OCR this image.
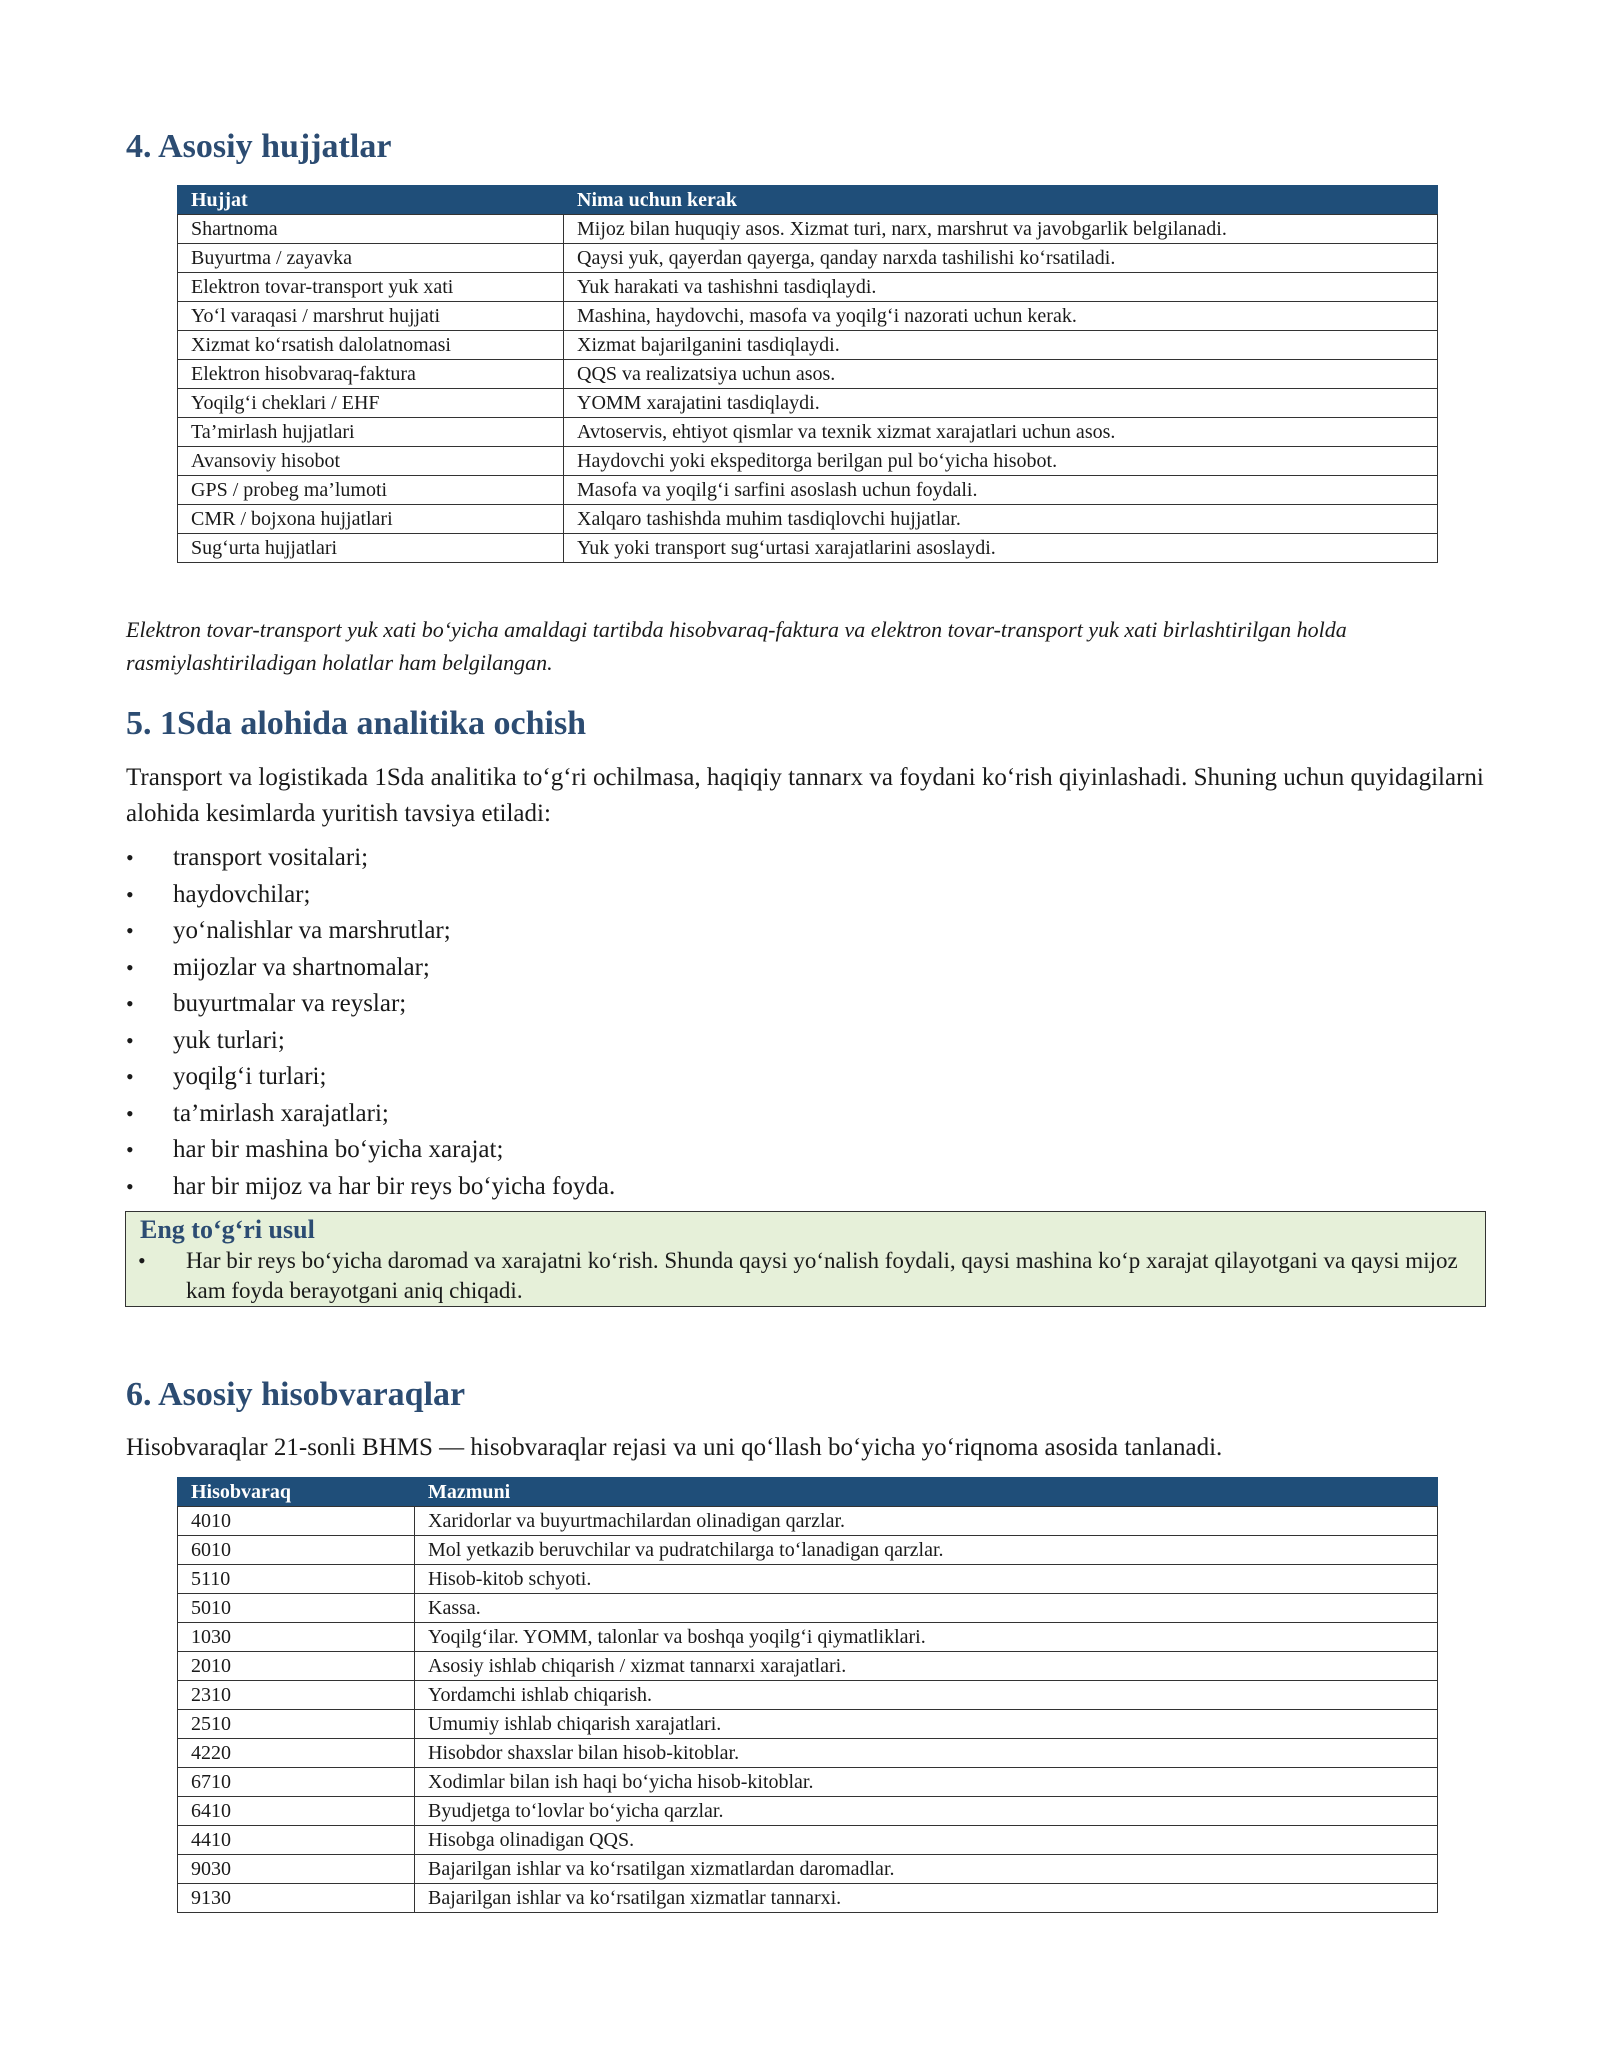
4. Asosiy hujjatlar
Hujjat	Nima uchun kerak
Shartnoma	Mijoz bilan huquqiy asos. Xizmat turi, narx, marshrut va javobgarlik belgilanadi.
Buyurtma / zayavka	Qaysi yuk, qayerdan qayerga, qanday narxda tashilishi ko‘rsatiladi.
Elektron tovar-transport yuk xati	Yuk harakati va tashishni tasdiqlaydi.
Yo‘l varaqasi / marshrut hujjati	Mashina, haydovchi, masofa va yoqilg‘i nazorati uchun kerak.
Xizmat ko‘rsatish dalolatnomasi	Xizmat bajarilganini tasdiqlaydi.
Elektron hisobvaraq-faktura	QQS va realizatsiya uchun asos.
Yoqilg‘i cheklari / EHF	YOMM xarajatini tasdiqlaydi.
Ta’mirlash hujjatlari	Avtoservis, ehtiyot qismlar va texnik xizmat xarajatlari uchun asos.
Avansoviy hisobot	Haydovchi yoki ekspeditorga berilgan pul bo‘yicha hisobot.
GPS / probeg ma’lumoti	Masofa va yoqilg‘i sarfini asoslash uchun foydali.
CMR / bojxona hujjatlari	Xalqaro tashishda muhim tasdiqlovchi hujjatlar.
Sug‘urta hujjatlari	Yuk yoki transport sug‘urtasi xarajatlarini asoslaydi.

Elektron tovar-transport yuk xati bo‘yicha amaldagi tartibda hisobvaraq-faktura va elektron tovar-transport yuk xati birlashtirilgan holda rasmiylashtiriladigan holatlar ham belgilangan.

5. 1Sda alohida analitika ochish

Transport va logistikada 1Sda analitika to‘g‘ri ochilmasa, haqiqiy tannarx va foydani ko‘rish qiyinlashadi. Shuning uchun quyidagilarni alohida kesimlarda yuritish tavsiya etiladi:

• transport vositalari;
• haydovchilar;
• yo‘nalishlar va marshrutlar;
• mijozlar va shartnomalar;
• buyurtmalar va reyslar;
• yuk turlari;
• yoqilg‘i turlari;
• ta’mirlash xarajatlari;
• har bir mashina bo‘yicha xarajat;
• har bir mijoz va har bir reys bo‘yicha foyda.

Eng to‘g‘ri usul

• Har bir reys bo‘yicha daromad va xarajatni ko‘rish. Shunda qaysi yo‘nalish foydali, qaysi mashina ko‘p xarajat qilayotgani va qaysi mijoz kam foyda berayotgani aniq chiqadi.

6. Asosiy hisobvaraqlar

Hisobvaraqlar 21-sonli BHMS — hisobvaraqlar rejasi va uni qo‘llash bo‘yicha yo‘riqnoma asosida tanlanadi.

Hisobvaraq	Mazmuni
4010	Xaridorlar va buyurtmachilardan olinadigan qarzlar.
6010	Mol yetkazib beruvchilar va pudratchilarga to‘lanadigan qarzlar.
5110	Hisob-kitob schyoti.
5010	Kassa.
1030	Yoqilg‘ilar. YOMM, talonlar va boshqa yoqilg‘i qiymatliklari.
2010	Asosiy ishlab chiqarish / xizmat tannarxi xarajatlari.
2310	Yordamchi ishlab chiqarish.
2510	Umumiy ishlab chiqarish xarajatlari.
4220	Hisobdor shaxslar bilan hisob-kitoblar.
6710	Xodimlar bilan ish haqi bo‘yicha hisob-kitoblar.
6410	Byudjetga to‘lovlar bo‘yicha qarzlar.
4410	Hisobga olinadigan QQS.
9030	Bajarilgan ishlar va ko‘rsatilgan xizmatlardan daromadlar.
9130	Bajarilgan ishlar va ko‘rsatilgan xizmatlar tannarxi.
